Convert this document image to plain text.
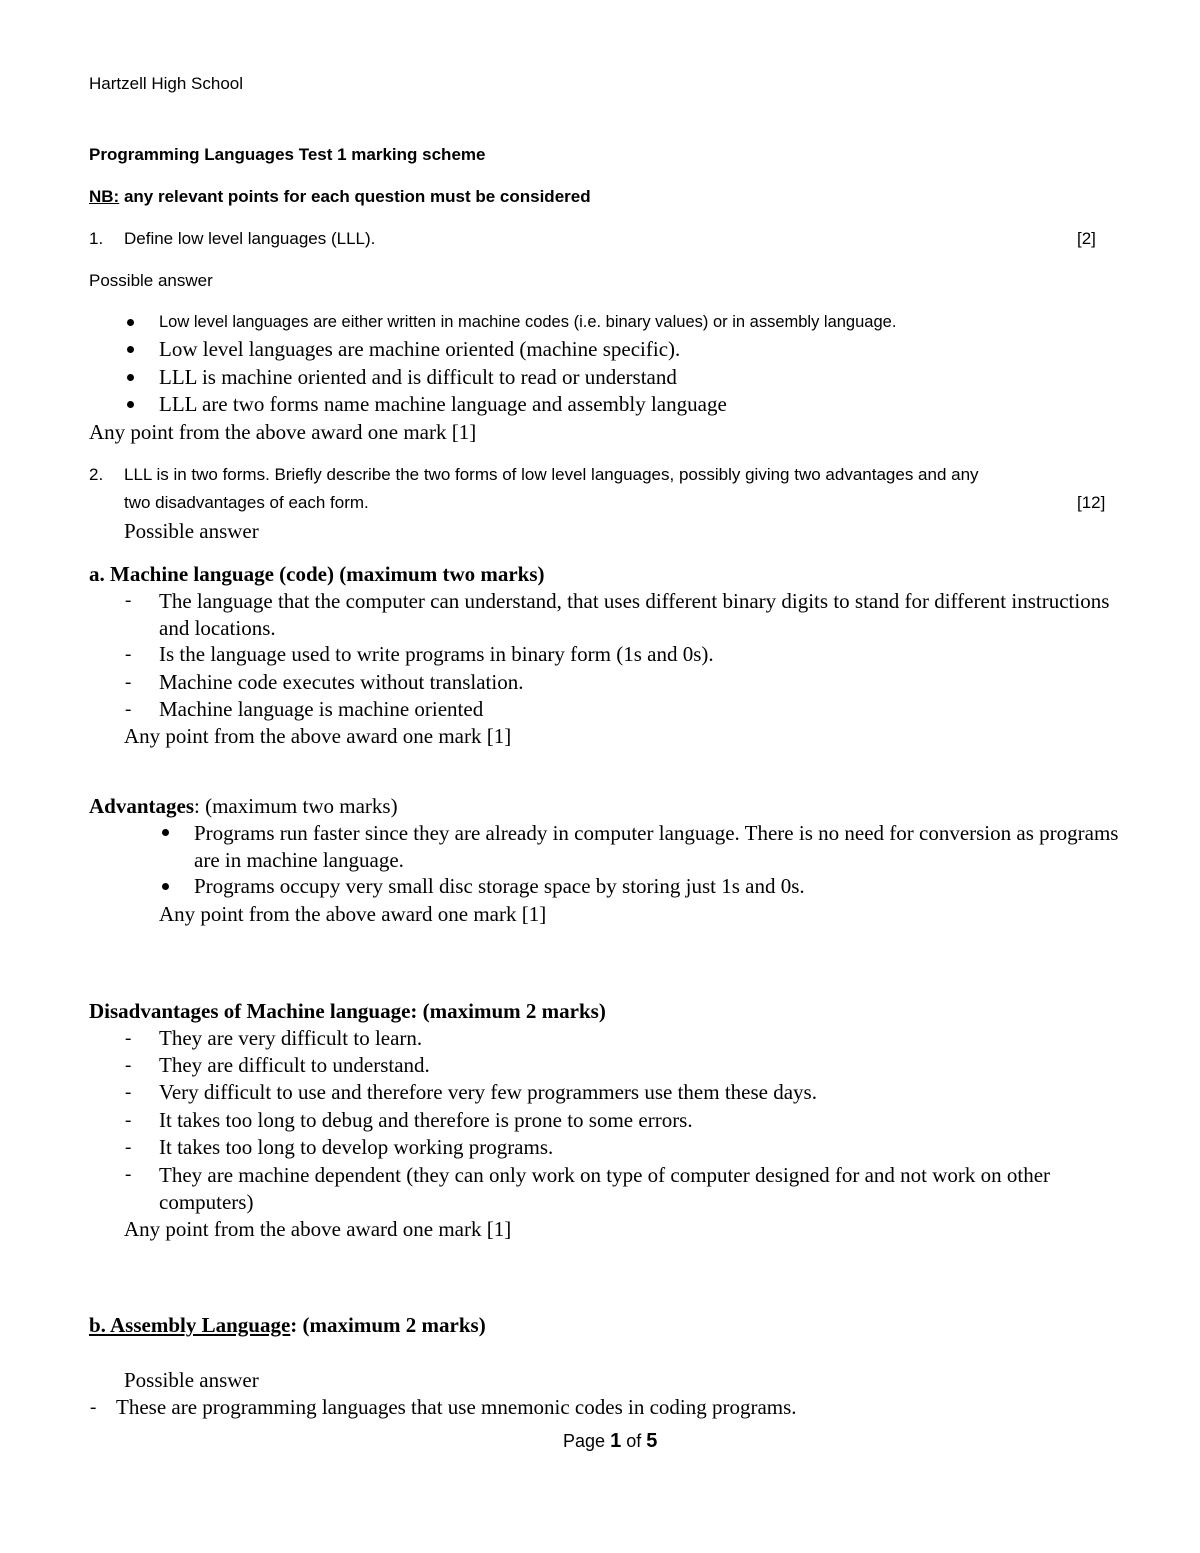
Hartzell High School
Programming Languages Test 1 marking scheme
NB: any relevant points for each question must be considered
1. Define low level languages (LLL).	[2]
Possible answer
Low level languages are either written in machine codes (i.e. binary values) or in assembly language.
Low level languages are machine oriented (machine specific).
LLL is machine oriented and is difficult to read or understand
LLL are two forms name machine language and assembly language
Any point from the above award one mark [1]
2. LLL is in two forms. Briefly describe the two forms of low level languages, possibly giving two advantages and any
two disadvantages of each form.	[12]
Possible answer
a. Machine language (code) (maximum two marks)
- The language that the computer can understand, that uses different binary digits to stand for different instructions and locations.
- Is the language used to write programs in binary form (1s and 0s).
- Machine code executes without translation.
- Machine language is machine oriented
Any point from the above award one mark [1]
Advantages: (maximum two marks)
Programs run faster since they are already in computer language. There is no need for conversion as programs are in machine language.
Programs occupy very small disc storage space by storing just 1s and 0s.
Any point from the above award one mark [1]
Disadvantages of Machine language: (maximum 2 marks)
- They are very difficult to learn.
- They are difficult to understand.
- Very difficult to use and therefore very few programmers use them these days.
- It takes too long to debug and therefore is prone to some errors.
- It takes too long to develop working programs.
- They are machine dependent (they can only work on type of computer designed for and not work on other computers)
Any point from the above award one mark [1]
b. Assembly Language: (maximum 2 marks)
Possible answer
- These are programming languages that use mnemonic codes in coding programs.
Page 1 of 5
